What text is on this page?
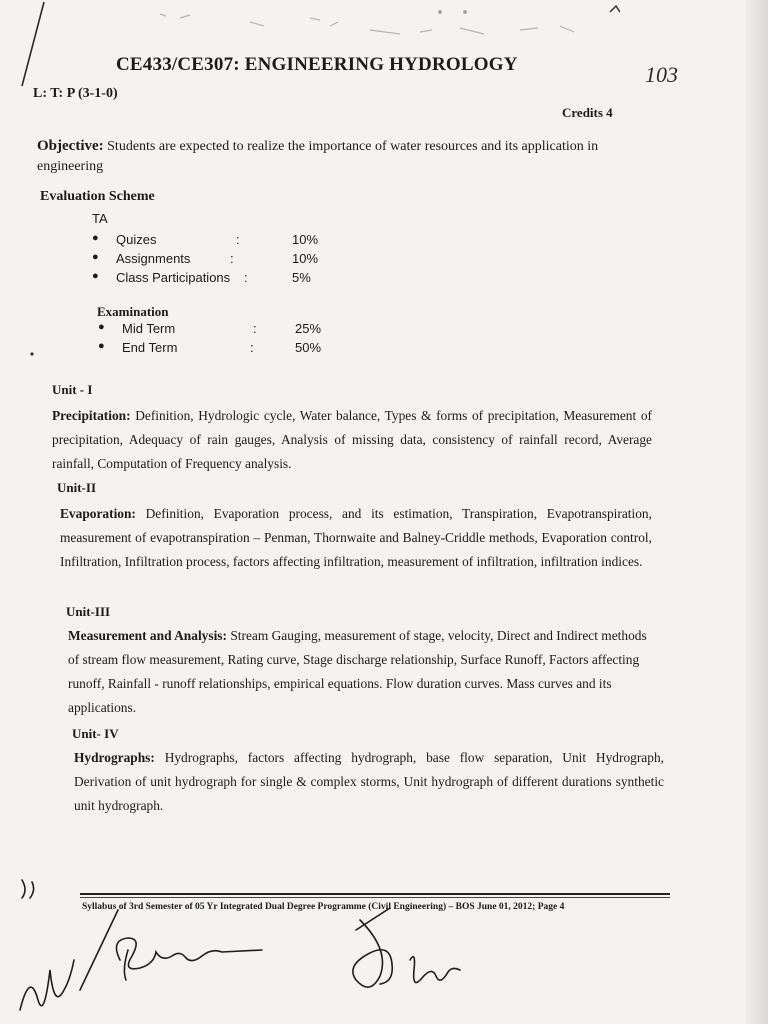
CE433/CE307: ENGINEERING HYDROLOGY
L: T: P (3-1-0)
Credits 4
103
Objective: Students are expected to realize the importance of water resources and its application in engineering
Evaluation Scheme
TA
● Quizes	:	10%
● Assignments	:	10%
● Class Participations :	5%
Examination
● Mid Term	:	25%
● End Term	:	50%
Unit - I
Precipitation: Definition, Hydrologic cycle, Water balance, Types & forms of precipitation, Measurement of precipitation, Adequacy of rain gauges, Analysis of missing data, consistency of rainfall record, Average rainfall, Computation of Frequency analysis.
Unit-II
Evaporation: Definition, Evaporation process, and its estimation, Transpiration, Evapotranspiration, measurement of evapotranspiration – Penman, Thornwaite and Balney-Criddle methods, Evaporation control, Infiltration, Infiltration process, factors affecting infiltration, measurement of infiltration, infiltration indices.
Unit-III
Measurement and Analysis: Stream Gauging, measurement of stage, velocity, Direct and Indirect methods of stream flow measurement, Rating curve, Stage discharge relationship, Surface Runoff, Factors affecting runoff, Rainfall - runoff relationships, empirical equations. Flow duration curves. Mass curves and its applications.
Unit- IV
Hydrographs: Hydrographs, factors affecting hydrograph, base flow separation, Unit Hydrograph, Derivation of unit hydrograph for single & complex storms, Unit hydrograph of different durations synthetic unit hydrograph.
Syllabus of 3rd Semester of 05 Yr Integrated Dual Degree Programme (Civil Engineering) – BOS June 01, 2012; Page 4
